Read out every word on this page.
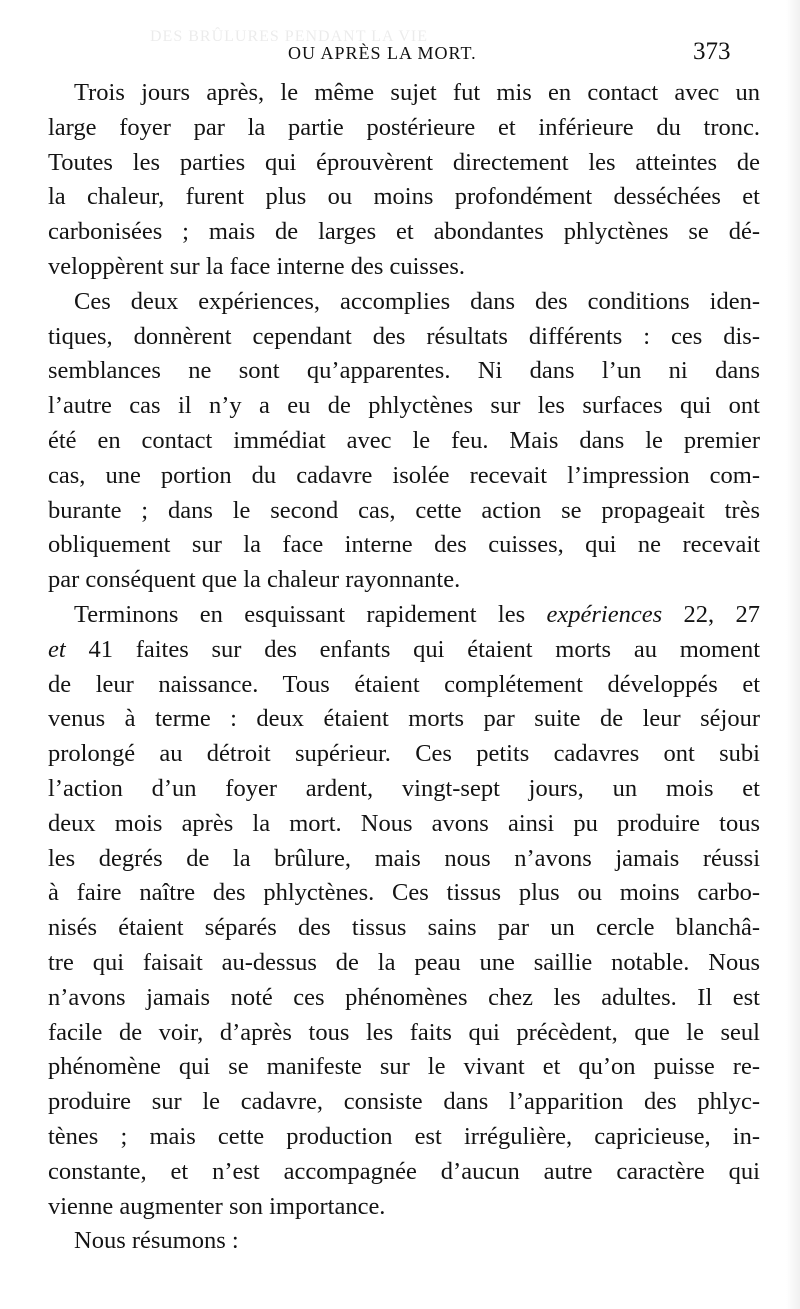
DES BRÛLURES PENDANT LA VIE
OU APRÈS LA MORT.	373
Trois jours après, le même sujet fut mis en contact avec un
large foyer par la partie postérieure et inférieure du tronc.
Toutes les parties qui éprouvèrent directement les atteintes de
la chaleur, furent plus ou moins profondément desséchées et
carbonisées ; mais de larges et abondantes phlyctènes se dé-
veloppèrent sur la face interne des cuisses.
Ces deux expériences, accomplies dans des conditions iden-
tiques, donnèrent cependant des résultats différents : ces dis-
semblances ne sont qu’apparentes. Ni dans l’un ni dans
l’autre cas il n’y a eu de phlyctènes sur les surfaces qui ont
été en contact immédiat avec le feu. Mais dans le premier
cas, une portion du cadavre isolée recevait l’impression com-
burante ; dans le second cas, cette action se propageait très
obliquement sur la face interne des cuisses, qui ne recevait
par conséquent que la chaleur rayonnante.
Terminons en esquissant rapidement les expériences 22, 27
et 41 faites sur des enfants qui étaient morts au moment
de leur naissance. Tous étaient complétement développés et
venus à terme : deux étaient morts par suite de leur séjour
prolongé au détroit supérieur. Ces petits cadavres ont subi
l’action d’un foyer ardent, vingt-sept jours, un mois et
deux mois après la mort. Nous avons ainsi pu produire tous
les degrés de la brûlure, mais nous n’avons jamais réussi
à faire naître des phlyctènes. Ces tissus plus ou moins carbo-
nisés étaient séparés des tissus sains par un cercle blanchâ-
tre qui faisait au-dessus de la peau une saillie notable. Nous
n’avons jamais noté ces phénomènes chez les adultes. Il est
facile de voir, d’après tous les faits qui précèdent, que le seul
phénomène qui se manifeste sur le vivant et qu’on puisse re-
produire sur le cadavre, consiste dans l’apparition des phlyc-
tènes ; mais cette production est irrégulière, capricieuse, in-
constante, et n’est accompagnée d’aucun autre caractère qui
vienne augmenter son importance.
Nous résumons :
